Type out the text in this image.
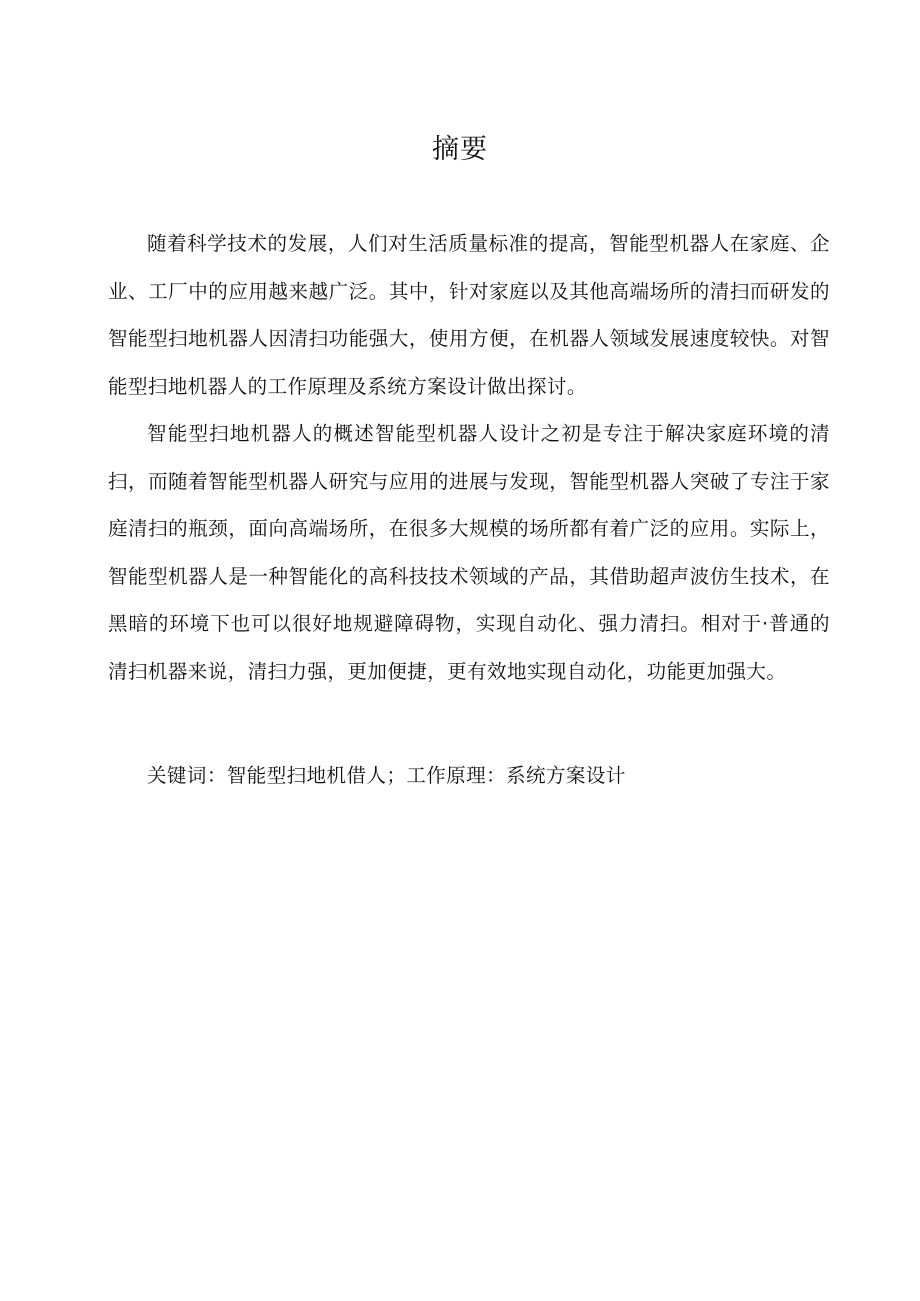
摘要

随着科学技术的发展，人们对生活质量标准的提高，智能型机器人在家庭、企业、工厂中的应用越来越广泛。其中，针对家庭以及其他高端场所的清扫而研发的智能型扫地机器人因清扫功能强大，使用方便，在机器人领域发展速度较快。对智能型扫地机器人的工作原理及系统方案设计做出探讨。

智能型扫地机器人的概述智能型机器人设计之初是专注于解决家庭环境的清扫，而随着智能型机器人研究与应用的进展与发现，智能型机器人突破了专注于家庭清扫的瓶颈，面向高端场所，在很多大规模的场所都有着广泛的应用。实际上，智能型机器人是一种智能化的高科技技术领域的产品，其借助超声波仿生技术，在黑暗的环境下也可以很好地规避障碍物，实现自动化、强力清扫。相对于·普通的清扫机器来说，清扫力强，更加便捷，更有效地实现自动化，功能更加强大。

关键词：智能型扫地机借人；工作原理：系统方案设计
